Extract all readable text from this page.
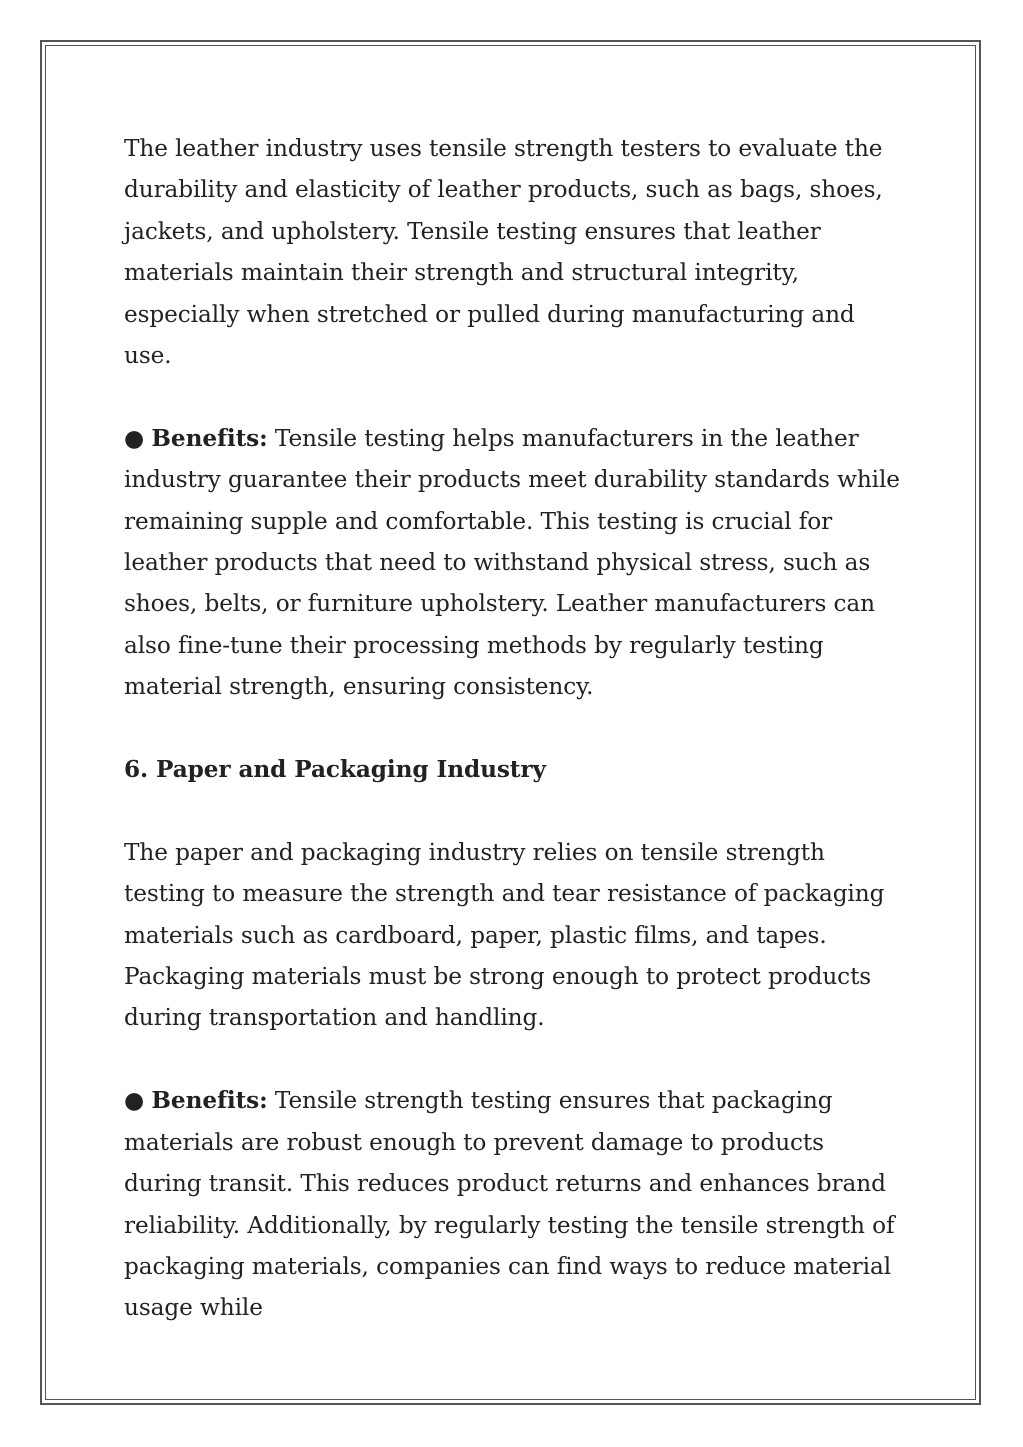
The leather industry uses tensile strength testers to evaluate the durability and elasticity of leather products, such as bags, shoes, jackets, and upholstery. Tensile testing ensures that leather materials maintain their strength and structural integrity, especially when stretched or pulled during manufacturing and use.

● Benefits: Tensile testing helps manufacturers in the leather industry guarantee their products meet durability standards while remaining supple and comfortable. This testing is crucial for leather products that need to withstand physical stress, such as shoes, belts, or furniture upholstery. Leather manufacturers can also fine-tune their processing methods by regularly testing material strength, ensuring consistency.

6. Paper and Packaging Industry

The paper and packaging industry relies on tensile strength testing to measure the strength and tear resistance of packaging materials such as cardboard, paper, plastic films, and tapes. Packaging materials must be strong enough to protect products during transportation and handling.

● Benefits: Tensile strength testing ensures that packaging materials are robust enough to prevent damage to products during transit. This reduces product returns and enhances brand reliability. Additionally, by regularly testing the tensile strength of packaging materials, companies can find ways to reduce material usage while
